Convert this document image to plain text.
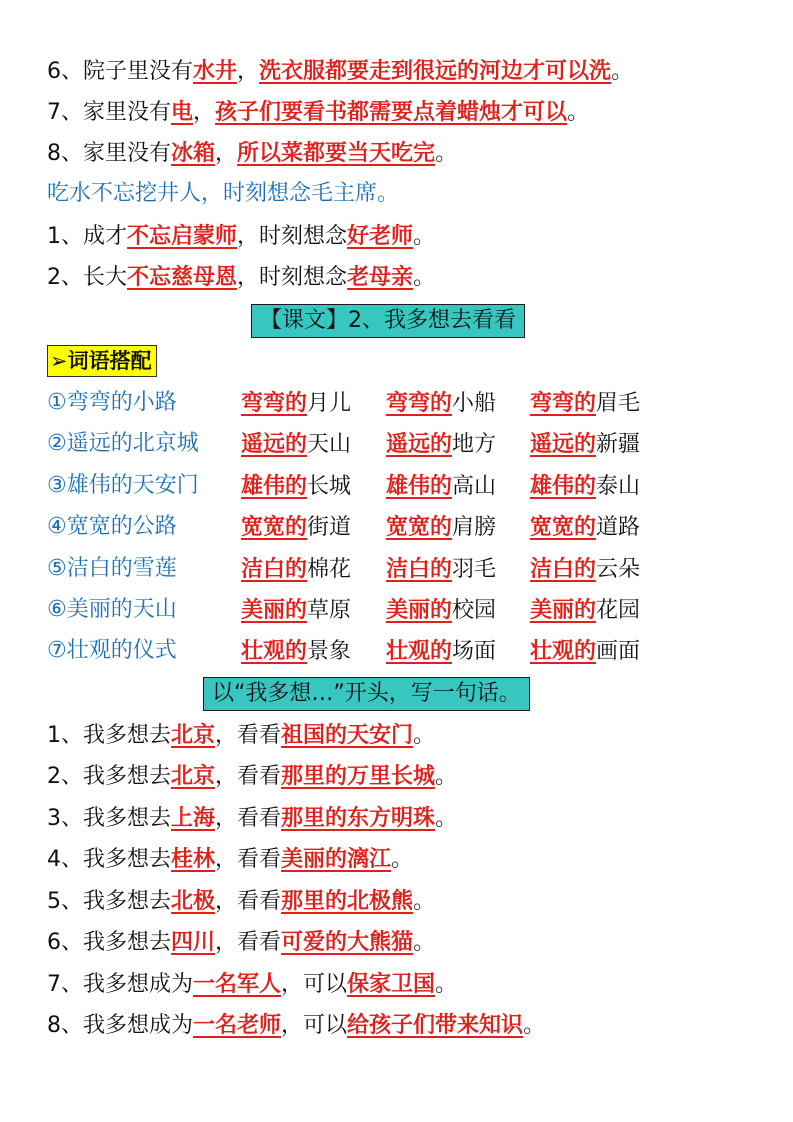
6、院子里没有水井，洗衣服都要走到很远的河边才可以洗。
7、家里没有电，孩子们要看书都需要点着蜡烛才可以。
8、家里没有冰箱，所以菜都要当天吃完。
吃水不忘挖井人，时刻想念毛主席。
1、成才不忘启蒙师，时刻想念好老师。
2、长大不忘慈母恩，时刻想念老母亲。
【课文】2、我多想去看看
➢词语搭配
①弯弯的小路	弯弯的月儿 弯弯的小船 弯弯的眉毛
②遥远的北京城 遥远的天山 遥远的地方 遥远的新疆
③雄伟的天安门 雄伟的长城 雄伟的高山 雄伟的泰山
④宽宽的公路	宽宽的街道 宽宽的肩膀 宽宽的道路
⑤洁白的雪莲	洁白的棉花 洁白的羽毛 洁白的云朵
⑥美丽的天山	美丽的草原 美丽的校园 美丽的花园
⑦壮观的仪式	壮观的景象 壮观的场面 壮观的画面
以“我多想…”开头，写一句话。
1、我多想去北京，看看祖国的天安门。
2、我多想去北京，看看那里的万里长城。
3、我多想去上海，看看那里的东方明珠。
4、我多想去桂林，看看美丽的漓江。
5、我多想去北极，看看那里的北极熊。
6、我多想去四川，看看可爱的大熊猫。
7、我多想成为一名军人，可以保家卫国。
8、我多想成为一名老师，可以给孩子们带来知识。
